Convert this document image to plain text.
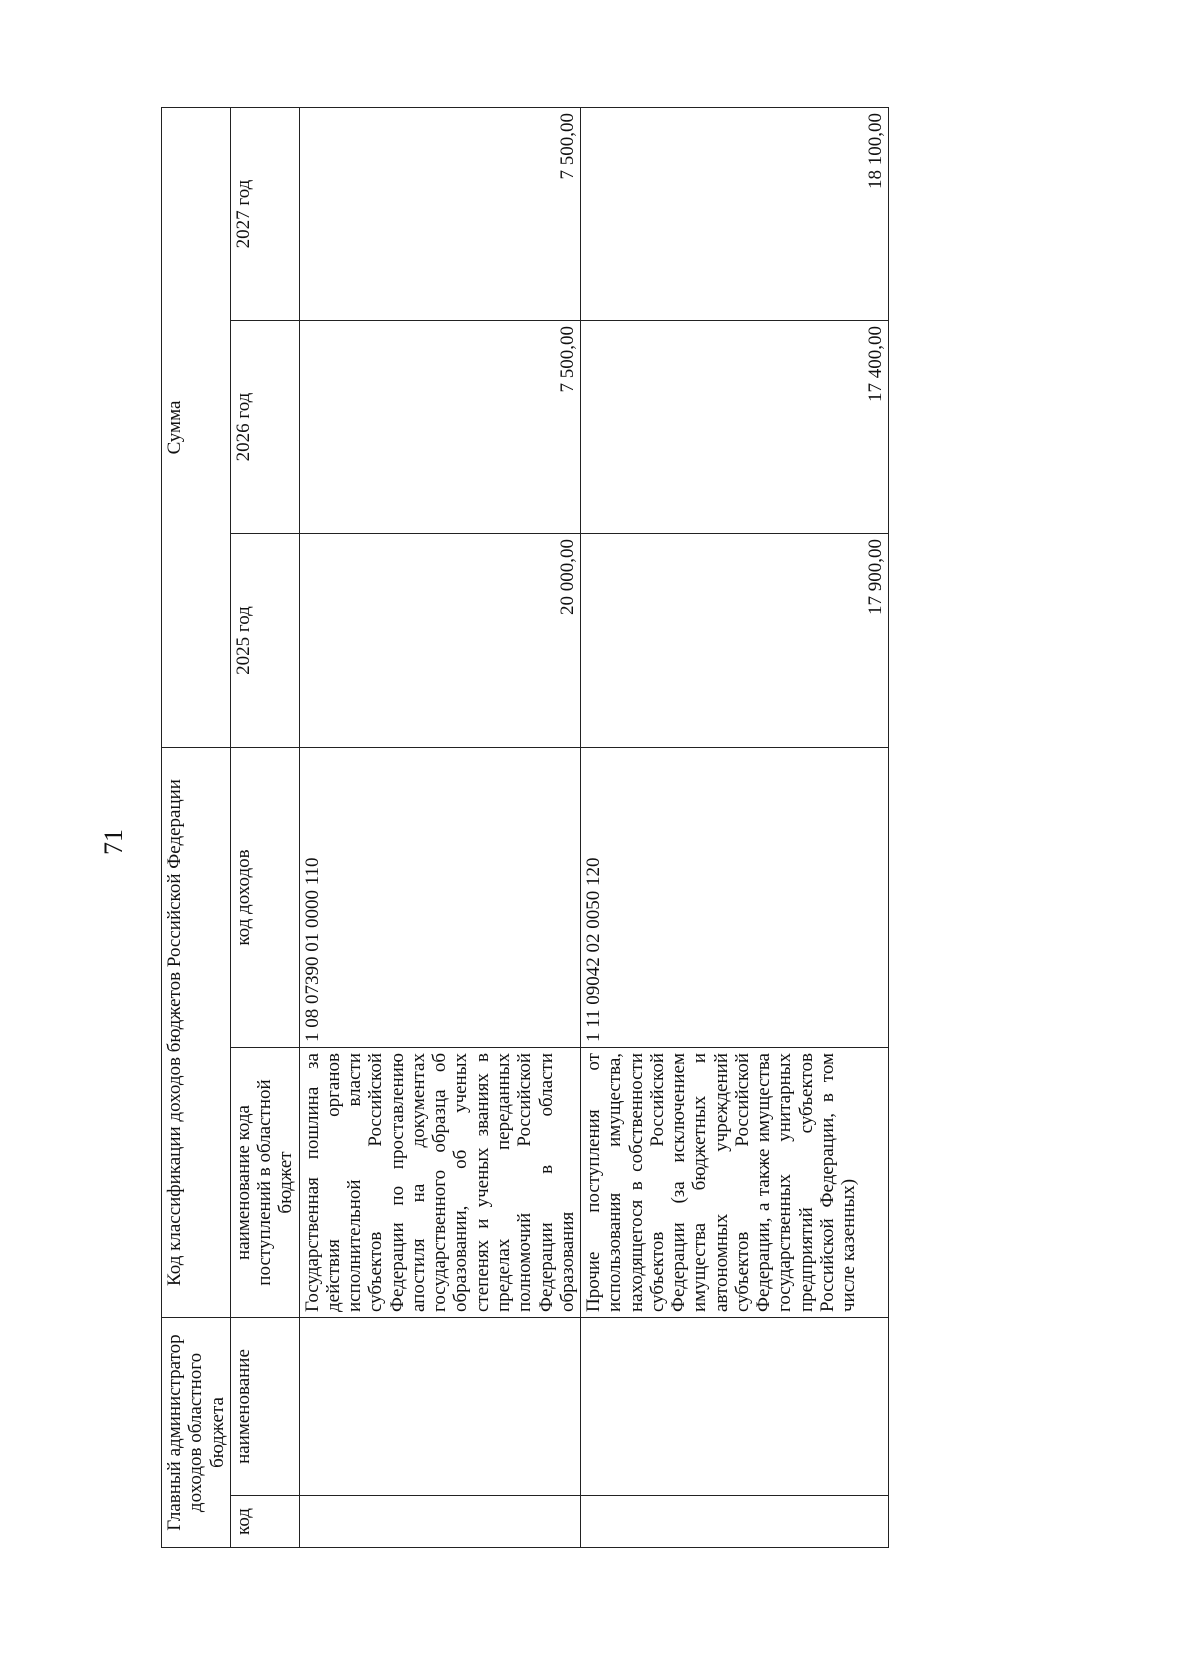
71
Главный администратор доходов областного бюджета		Код классификации доходов бюджетов Российской Федерации		Сумма		
код	наименование	наименование кода поступлений в областной бюджет	код доходов	2025 год	2026 год	2027 год
		Государственная пошлина за действия органов исполнительной власти субъектов Российской Федерации по проставлению апостиля на документах государственного образца об образовании, об ученых степенях и ученых званиях в пределах переданных полномочий Российской Федерации в области образования	1 08 07390 01 0000 110	20 000,00	7 500,00	7 500,00
		Прочие поступления от использования имущества, находящегося в собственности субъектов Российской Федерации (за исключением имущества бюджетных и автономных учреждений субъектов Российской Федерации, а также имущества государственных унитарных предприятий субъектов Российской Федерации, в том числе казенных)	1 11 09042 02 0050 120	17 900,00	17 400,00	18 100,00
